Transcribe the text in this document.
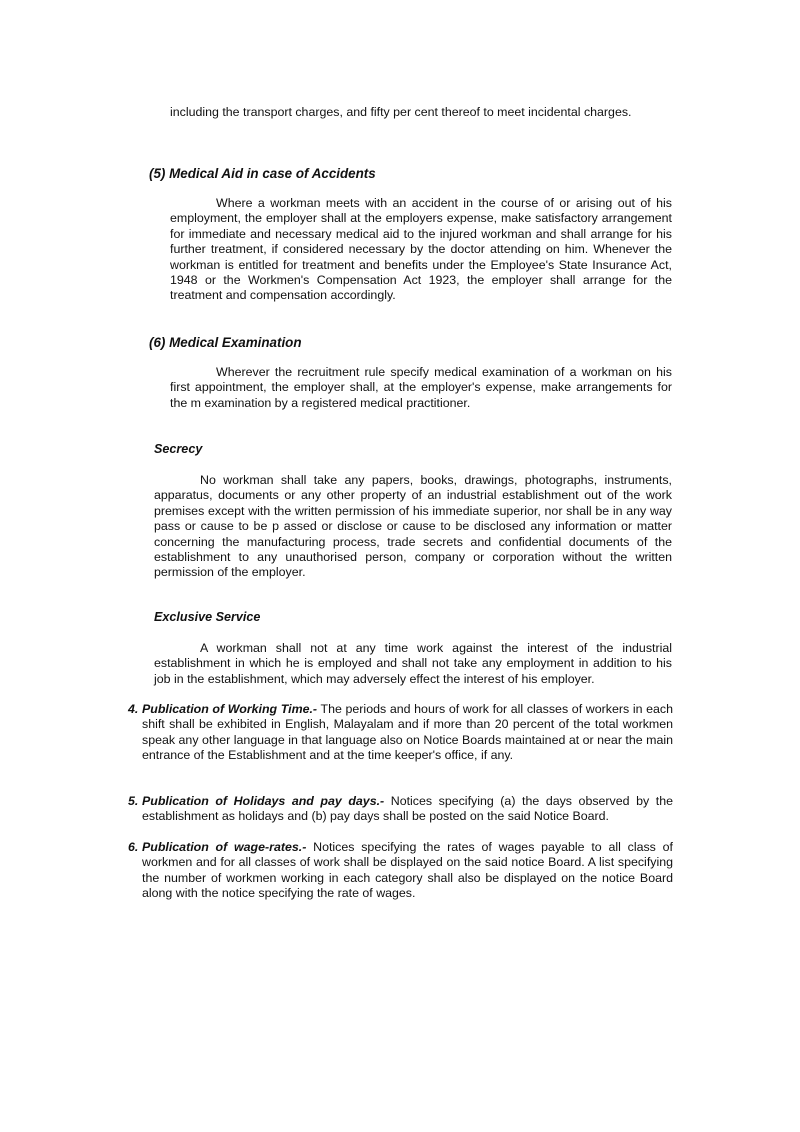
including the transport charges, and fifty per cent thereof to meet incidental charges.

(5) Medical Aid in case of Accidents

Where a workman meets with an accident in the course of or arising out of his employment, the employer shall at the employers expense, make satisfactory arrangement for immediate and necessary medical aid to the injured workman and shall arrange for his further treatment, if considered necessary by the doctor attending on him. Whenever the workman is entitled for treatment and benefits under the Employee's State Insurance Act, 1948 or the Workmen's Compensation Act 1923, the employer shall arrange for the treatment and compensation accordingly.

(6) Medical Examination

Wherever the recruitment rule specify medical examination of a workman on his first appointment, the employer shall, at the employer's expense, make arrangements for the m examination by a registered medical practitioner.

Secrecy

No workman shall take any papers, books, drawings, photographs, instruments, apparatus, documents or any other property of an industrial establishment out of the work premises except with the written permission of his immediate superior, nor shall be in any way pass or cause to be p assed or disclose or cause to be disclosed any information or matter concerning the manufacturing process, trade secrets and confidential documents of the establishment to any unauthorised person, company or corporation without the written permission of the employer.

Exclusive Service

A workman shall not at any time work against the interest of the industrial establishment in which he is employed and shall not take any employment in addition to his job in the establishment, which may adversely effect the interest of his employer.

4. Publication of Working Time.- The periods and hours of work for all classes of workers in each shift shall be exhibited in English, Malayalam and if more than 20 percent of the total workmen speak any other language in that language also on Notice Boards maintained at or near the main entrance of the Establishment and at the time keeper's office, if any.

5. Publication of Holidays and pay days.- Notices specifying (a) the days observed by the establishment as holidays and (b) pay days shall be posted on the said Notice Board.

6. Publication of wage-rates.- Notices specifying the rates of wages payable to all class of workmen and for all classes of work shall be displayed on the said notice Board. A list specifying the number of workmen working in each category shall also be displayed on the notice Board along with the notice specifying the rate of wages.
